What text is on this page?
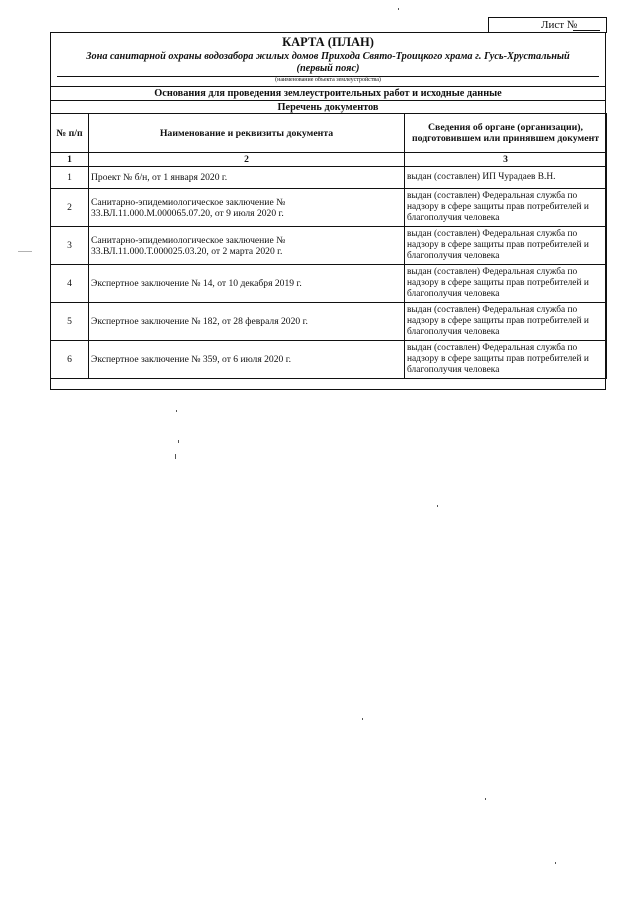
Лист №
КАРТА (ПЛАН)
Зона санитарной охраны водозабора жилых домов Прихода Свято-Троицкого храма г. Гусь-Хрустальный
(первый пояс)
(наименование объекта землеустройства)
Основания для проведения землеустроительных работ и исходные данные
Перечень документов
№ п/п	Наименование и реквизиты документа	Сведения об органе (организации), подготовившем или принявшем документ
1	2	3
1	Проект № б/н, от 1 января 2020 г.	выдан (составлен) ИП Чурадаев В.Н.
2	Санитарно-эпидемиологическое заключение № 33.ВЛ.11.000.М.000065.07.20, от 9 июля 2020 г.	выдан (составлен) Федеральная служба по надзору в сфере защиты прав потребителей и благополучия человека
3	Санитарно-эпидемиологическое заключение № 33.ВЛ.11.000.Т.000025.03.20, от 2 марта 2020 г.	выдан (составлен) Федеральная служба по надзору в сфере защиты прав потребителей и благополучия человека
4	Экспертное заключение № 14, от 10 декабря 2019 г.	выдан (составлен) Федеральная служба по надзору в сфере защиты прав потребителей и благополучия человека
5	Экспертное заключение № 182, от 28 февраля 2020 г.	выдан (составлен) Федеральная служба по надзору в сфере защиты прав потребителей и благополучия человека
6	Экспертное заключение № 359, от 6 июля 2020 г.	выдан (составлен) Федеральная служба по надзору в сфере защиты прав потребителей и благополучия человека
